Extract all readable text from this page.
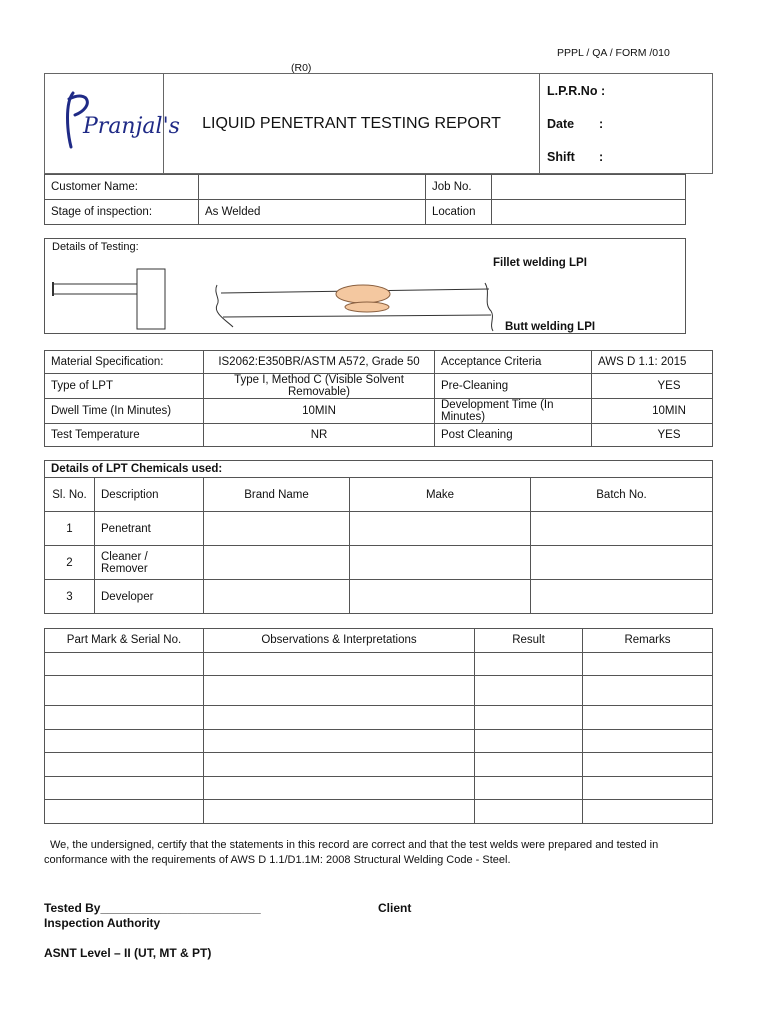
PPPL / QA / FORM /010
(R0)
Pranjal's	LIQUID PENETRANT TESTING REPORT	
L.P.R.No :
Date	:
Shift	:
Customer Name:		Job No.	
Stage of inspection:	As Welded	Location	
Details of Testing:
Fillet welding LPI
Butt welding LPI
Material Specification:	IS2062:E350BR/ASTM A572, Grade 50	Acceptance Criteria	AWS D 1.1: 2015
Type of LPT	Type I, Method C (Visible Solvent Removable)	Pre-Cleaning	YES
Dwell Time (In Minutes)	10MIN	Development Time (In Minutes)	10MIN
Test Temperature	NR	Post Cleaning	YES
Details of LPT Chemicals used:				
Sl. No.	Description	Brand Name	Make	Batch No.
1	Penetrant			
2	Cleaner / Remover			
3	Developer			
Part Mark & Serial No.	Observations & Interpretations	Result	Remarks

We, the undersigned, certify that the statements in this record are correct and that the test welds were prepared and tested in conformance with the requirements of AWS D 1.1/D1.1M: 2008 Structural Welding Code - Steel.
Tested By________________________	Client
Inspection Authority
ASNT Level – II (UT, MT & PT)
